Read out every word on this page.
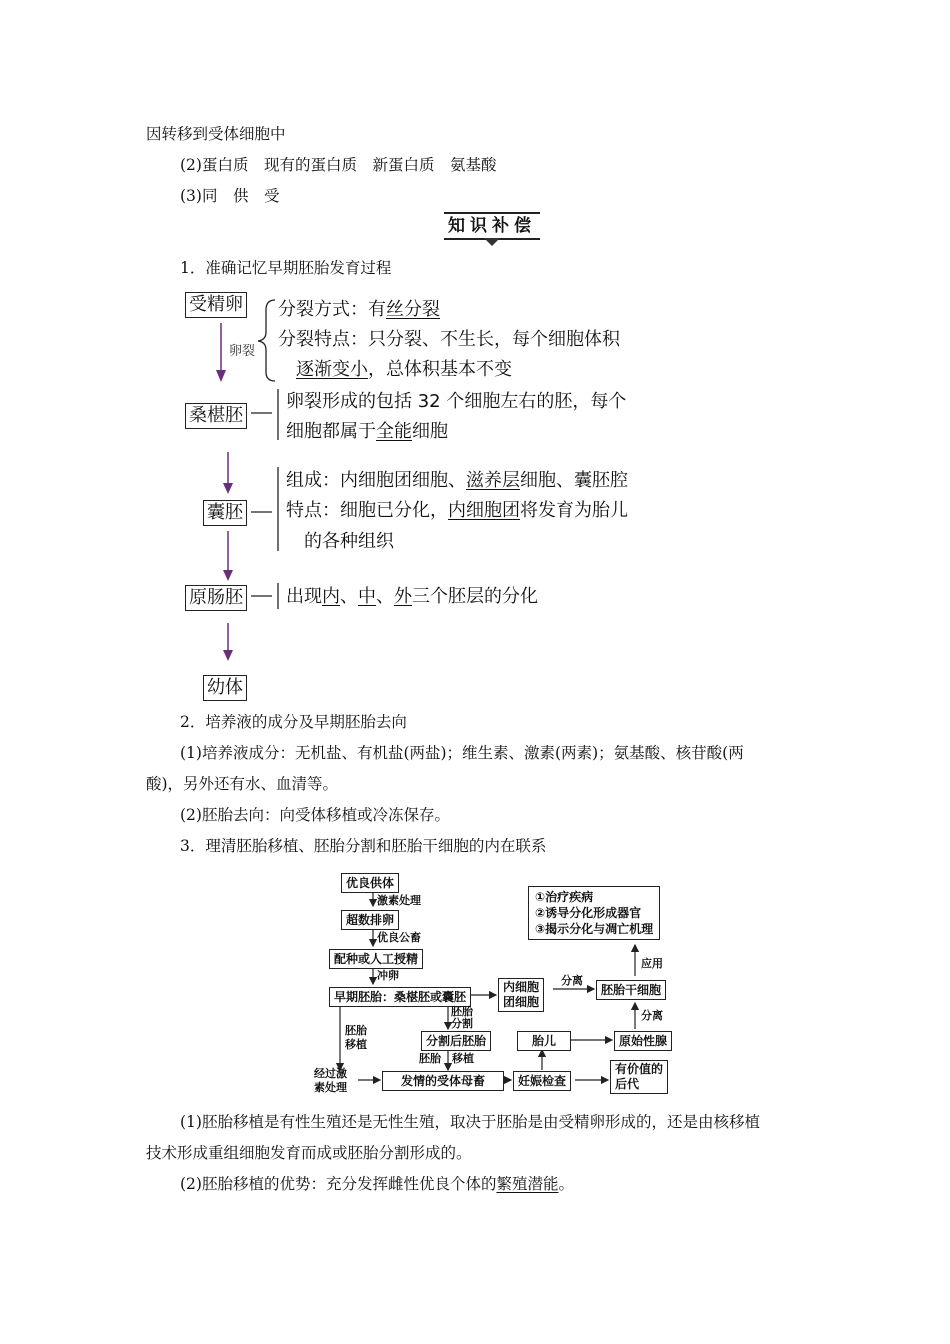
因转移到受体细胞中
(2)蛋白质　现有的蛋白质　新蛋白质　氨基酸
(3)同　供　受
知识补偿
1．准确记忆早期胚胎发育过程
受精卵
卵裂
桑椹胚
囊胚
原肠胚
幼体
分裂方式：有丝分裂
分裂特点：只分裂、不生长，每个细胞体积
逐渐变小，总体积基本不变
卵裂形成的包括 32 个细胞左右的胚，每个
细胞都属于全能细胞
组成：内细胞团细胞、滋养层细胞、囊胚腔
特点：细胞已分化，内细胞团将发育为胎儿
的各种组织
出现内、中、外三个胚层的分化
2．培养液的成分及早期胚胎去向
(1)培养液成分：无机盐、有机盐(两盐)；维生素、激素(两素)；氨基酸、核苷酸(两
酸)，另外还有水、血清等。
(2)胚胎去向：向受体移植或冷冻保存。
3．理清胚胎移植、胚胎分割和胚胎干细胞的内在联系
优良供体
激素处理
超数排卵
优良公畜
配种或人工授精
冲卵
早期胚胎：桑椹胚或囊胚
胚胎
分割
分割后胚胎
胚胎
移植
胚胎　移植
经过激
素处理	发情的受体母畜	妊娠检查
有价值的
后代
内细胞
团细胞
分离
胚胎干细胞
应用
①治疗疾病
②诱导分化形成器官
③揭示分化与凋亡机理
胎儿
分离
原始性腺
(1)胚胎移植是有性生殖还是无性生殖，取决于胚胎是由受精卵形成的，还是由核移植
技术形成重组细胞发育而成或胚胎分割形成的。
(2)胚胎移植的优势：充分发挥雌性优良个体的繁殖潜能。
